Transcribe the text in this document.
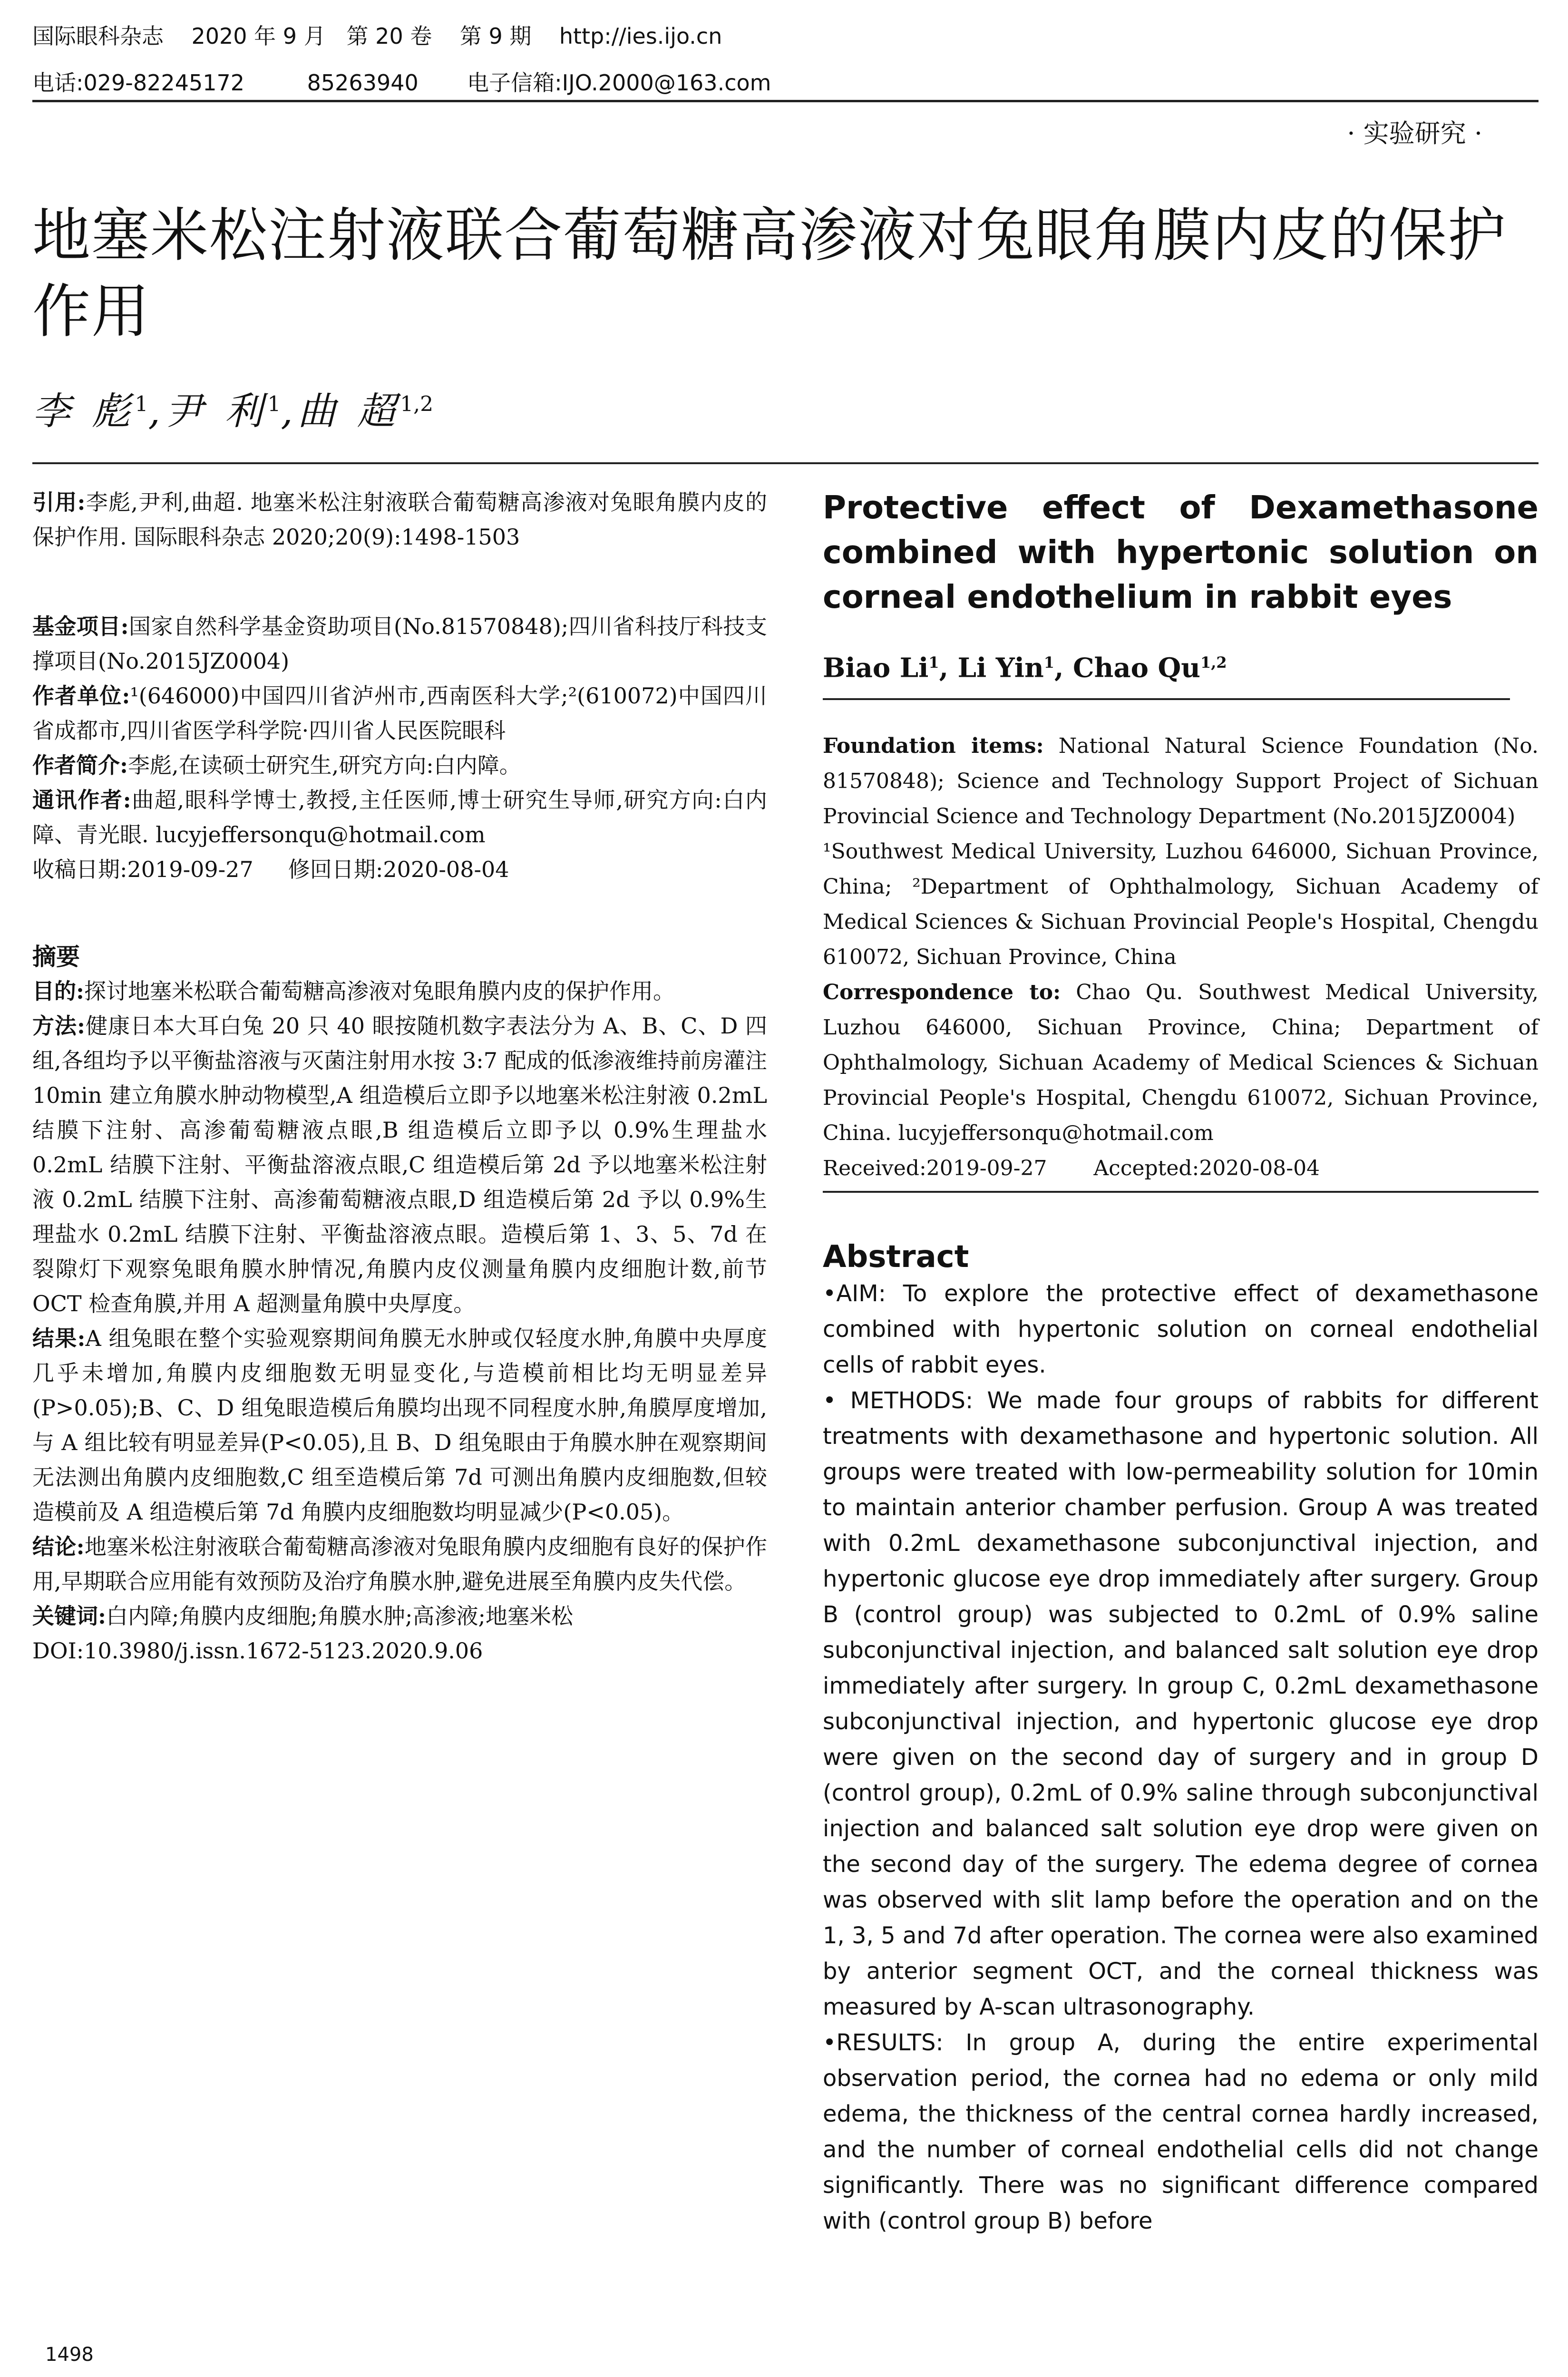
国际眼科杂志    2020 年 9 月   第 20 卷    第 9 期    http://ies.ijo.cn
电话:029-82245172         85263940       电子信箱:IJO.2000@163.com
· 实验研究 ·
地塞米松注射液联合葡萄糖高渗液对兔眼角膜内皮的保护作用
李 彪$^1$,尹 利$^1$,曲 超$^{1,2}$

引用:李彪,尹利,曲超. 地塞米松注射液联合葡萄糖高渗液对兔眼角膜内皮的保护作用. 国际眼科杂志 2020;20(9):1498-1503

基金项目:国家自然科学基金资助项目(No.81570848);四川省科技厅科技支撑项目(No.2015JZ0004)

作者单位:¹(646000)中国四川省泸州市,西南医科大学;²(610072)中国四川省成都市,四川省医学科学院·四川省人民医院眼科

作者简介:李彪,在读硕士研究生,研究方向:白内障。

通讯作者:曲超,眼科学博士,教授,主任医师,博士研究生导师,研究方向:白内障、青光眼. lucyjeffersonqu@hotmail.com

收稿日期:2019-09-27     修回日期:2020-08-04

摘要

目的:探讨地塞米松联合葡萄糖高渗液对兔眼角膜内皮的保护作用。

方法:健康日本大耳白兔 20 只 40 眼按随机数字表法分为 A、B、C、D 四组,各组均予以平衡盐溶液与灭菌注射用水按 3:7 配成的低渗液维持前房灌注 10min 建立角膜水肿动物模型,A 组造模后立即予以地塞米松注射液 0.2mL 结膜下注射、高渗葡萄糖液点眼,B 组造模后立即予以 0.9%生理盐水 0.2mL 结膜下注射、平衡盐溶液点眼,C 组造模后第 2d 予以地塞米松注射液 0.2mL 结膜下注射、高渗葡萄糖液点眼,D 组造模后第 2d 予以 0.9%生理盐水 0.2mL 结膜下注射、平衡盐溶液点眼。造模后第 1、3、5、7d 在裂隙灯下观察兔眼角膜水肿情况,角膜内皮仪测量角膜内皮细胞计数,前节 OCT 检查角膜,并用 A 超测量角膜中央厚度。

结果:A 组兔眼在整个实验观察期间角膜无水肿或仅轻度水肿,角膜中央厚度几乎未增加,角膜内皮细胞数无明显变化,与造模前相比均无明显差异(P>0.05);B、C、D 组兔眼造模后角膜均出现不同程度水肿,角膜厚度增加,与 A 组比较有明显差异(P<0.05),且 B、D 组兔眼由于角膜水肿在观察期间无法测出角膜内皮细胞数,C 组至造模后第 7d 可测出角膜内皮细胞数,但较造模前及 A 组造模后第 7d 角膜内皮细胞数均明显减少(P<0.05)。

结论:地塞米松注射液联合葡萄糖高渗液对兔眼角膜内皮细胞有良好的保护作用,早期联合应用能有效预防及治疗角膜水肿,避免进展至角膜内皮失代偿。

关键词:白内障;角膜内皮细胞;角膜水肿;高渗液;地塞米松

DOI:10.3980/j.issn.1672-5123.2020.9.06

Protective effect of Dexamethasone combined with hypertonic solution on corneal endothelium in rabbit eyes

Biao Li$^1$, Li Yin$^1$, Chao Qu$^{1,2}$

Foundation items: National Natural Science Foundation (No. 81570848); Science and Technology Support Project of Sichuan Provincial Science and Technology Department (No.2015JZ0004)

¹Southwest Medical University, Luzhou 646000, Sichuan Province, China; ²Department of Ophthalmology, Sichuan Academy of Medical Sciences & Sichuan Provincial People's Hospital, Chengdu 610072, Sichuan Province, China

Correspondence to: Chao Qu. Southwest Medical University, Luzhou 646000, Sichuan Province, China; Department of Ophthalmology, Sichuan Academy of Medical Sciences & Sichuan Provincial People's Hospital, Chengdu 610072, Sichuan Province, China. lucyjeffersonqu@hotmail.com

Received:2019-09-27       Accepted:2020-08-04

Abstract

•AIM: To explore the protective effect of dexamethasone combined with hypertonic solution on corneal endothelial cells of rabbit eyes.

• METHODS: We made four groups of rabbits for different treatments with dexamethasone and hypertonic solution. All groups were treated with low-permeability solution for 10min to maintain anterior chamber perfusion. Group A was treated with 0.2mL dexamethasone subconjunctival injection, and hypertonic glucose eye drop immediately after surgery. Group B (control group) was subjected to 0.2mL of 0.9% saline subconjunctival injection, and balanced salt solution eye drop immediately after surgery. In group C, 0.2mL dexamethasone subconjunctival injection, and hypertonic glucose eye drop were given on the second day of surgery and in group D (control group), 0.2mL of 0.9% saline through subconjunctival injection and balanced salt solution eye drop were given on the second day of the surgery. The edema degree of cornea was observed with slit lamp before the operation and on the 1, 3, 5 and 7d after operation. The cornea were also examined by anterior segment OCT, and the corneal thickness was measured by A-scan ultrasonography.

•RESULTS: In group A, during the entire experimental observation period, the cornea had no edema or only mild edema, the thickness of the central cornea hardly increased, and the number of corneal endothelial cells did not change significantly. There was no significant difference compared with (control group B) before

1498
